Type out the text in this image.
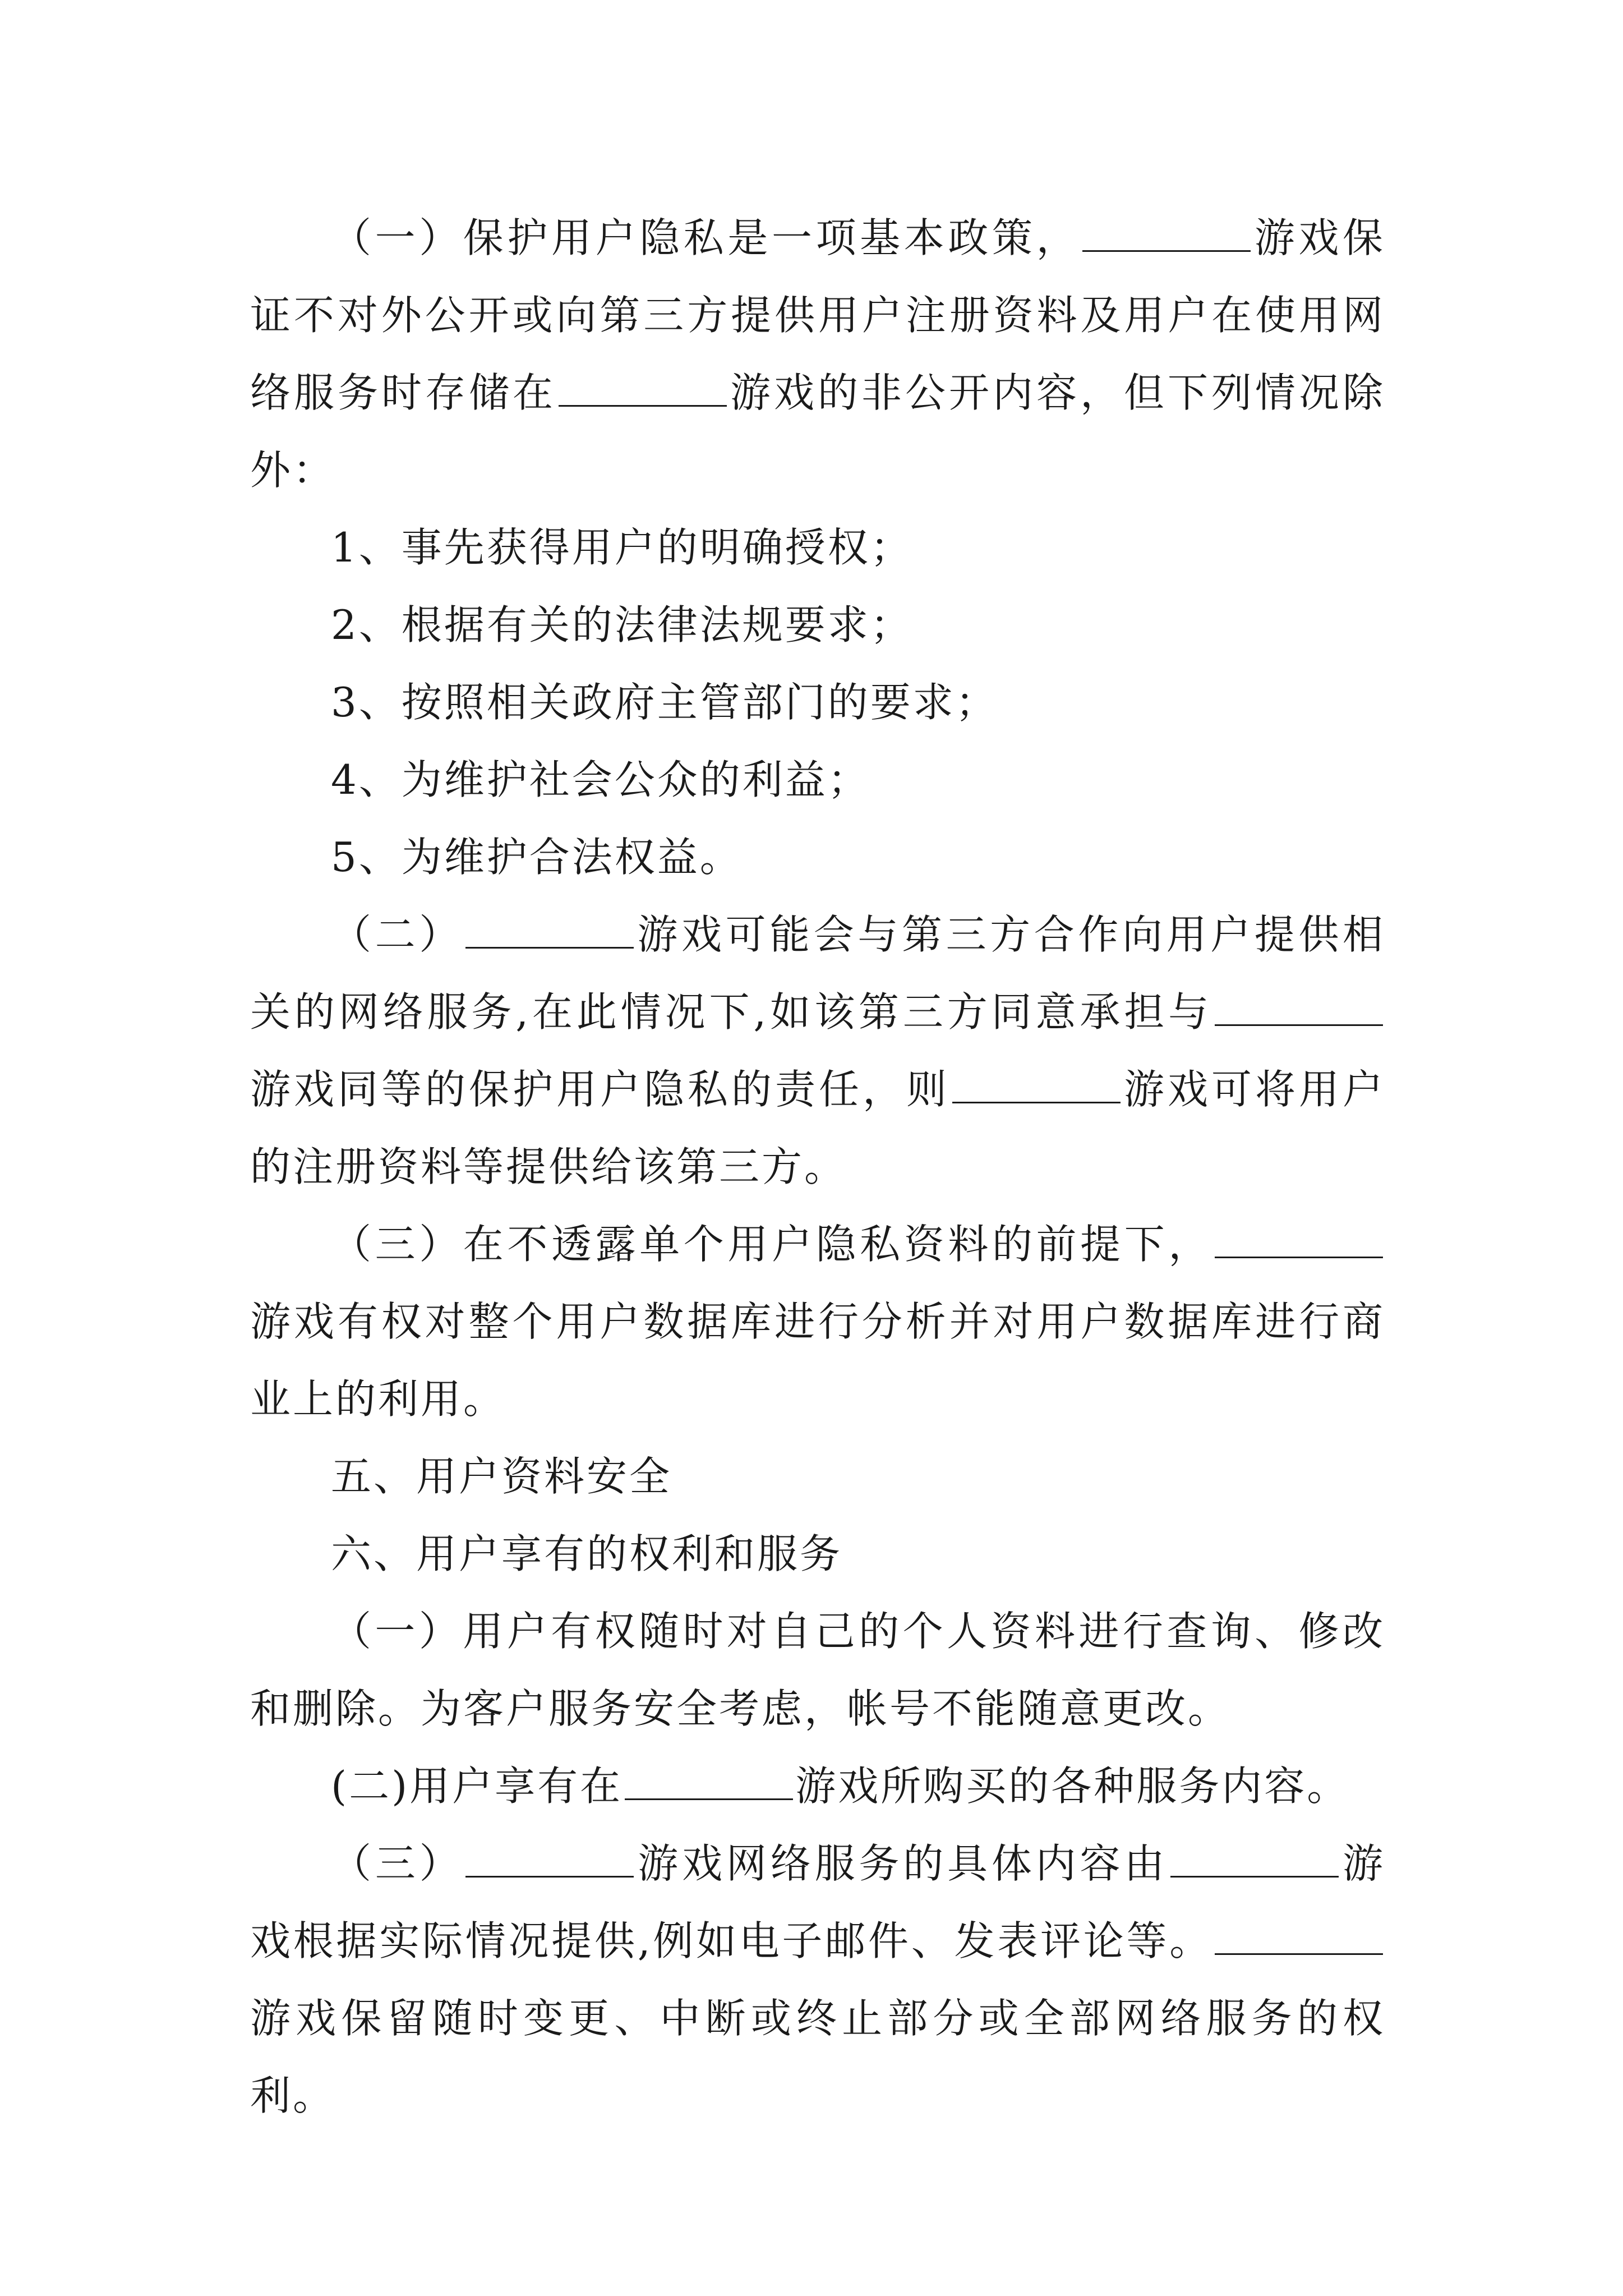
（一）保护用户隐私是一项基本政策，	游戏保证不对外公开或向第三方提供用户注册资料及用户在使用网络服务时存储在	游戏的非公开内容，但下列情况除外：

1、事先获得用户的明确授权；

2、根据有关的法律法规要求；

3、按照相关政府主管部门的要求；

4、为维护社会公众的利益；

5、为维护合法权益。

（二）	游戏可能会与第三方合作向用户提供相关的网络服务,在此情况下,如该第三方同意承担与游戏同等的保护用户隐私的责任，则	游戏可将用户的注册资料等提供给该第三方。

（三）在不透露单个用户隐私资料的前提下，游戏有权对整个用户数据库进行分析并对用户数据库进行商业上的利用。

五、用户资料安全

六、用户享有的权利和服务

（一）用户有权随时对自己的个人资料进行查询、修改和删除。为客户服务安全考虑，帐号不能随意更改。

(二)用户享有在	游戏所购买的各种服务内容。

（三）	游戏网络服务的具体内容由	游戏根据实际情况提供,例如电子邮件、发表评论等。游戏保留随时变更、中断或终止部分或全部网络服务的权利。
